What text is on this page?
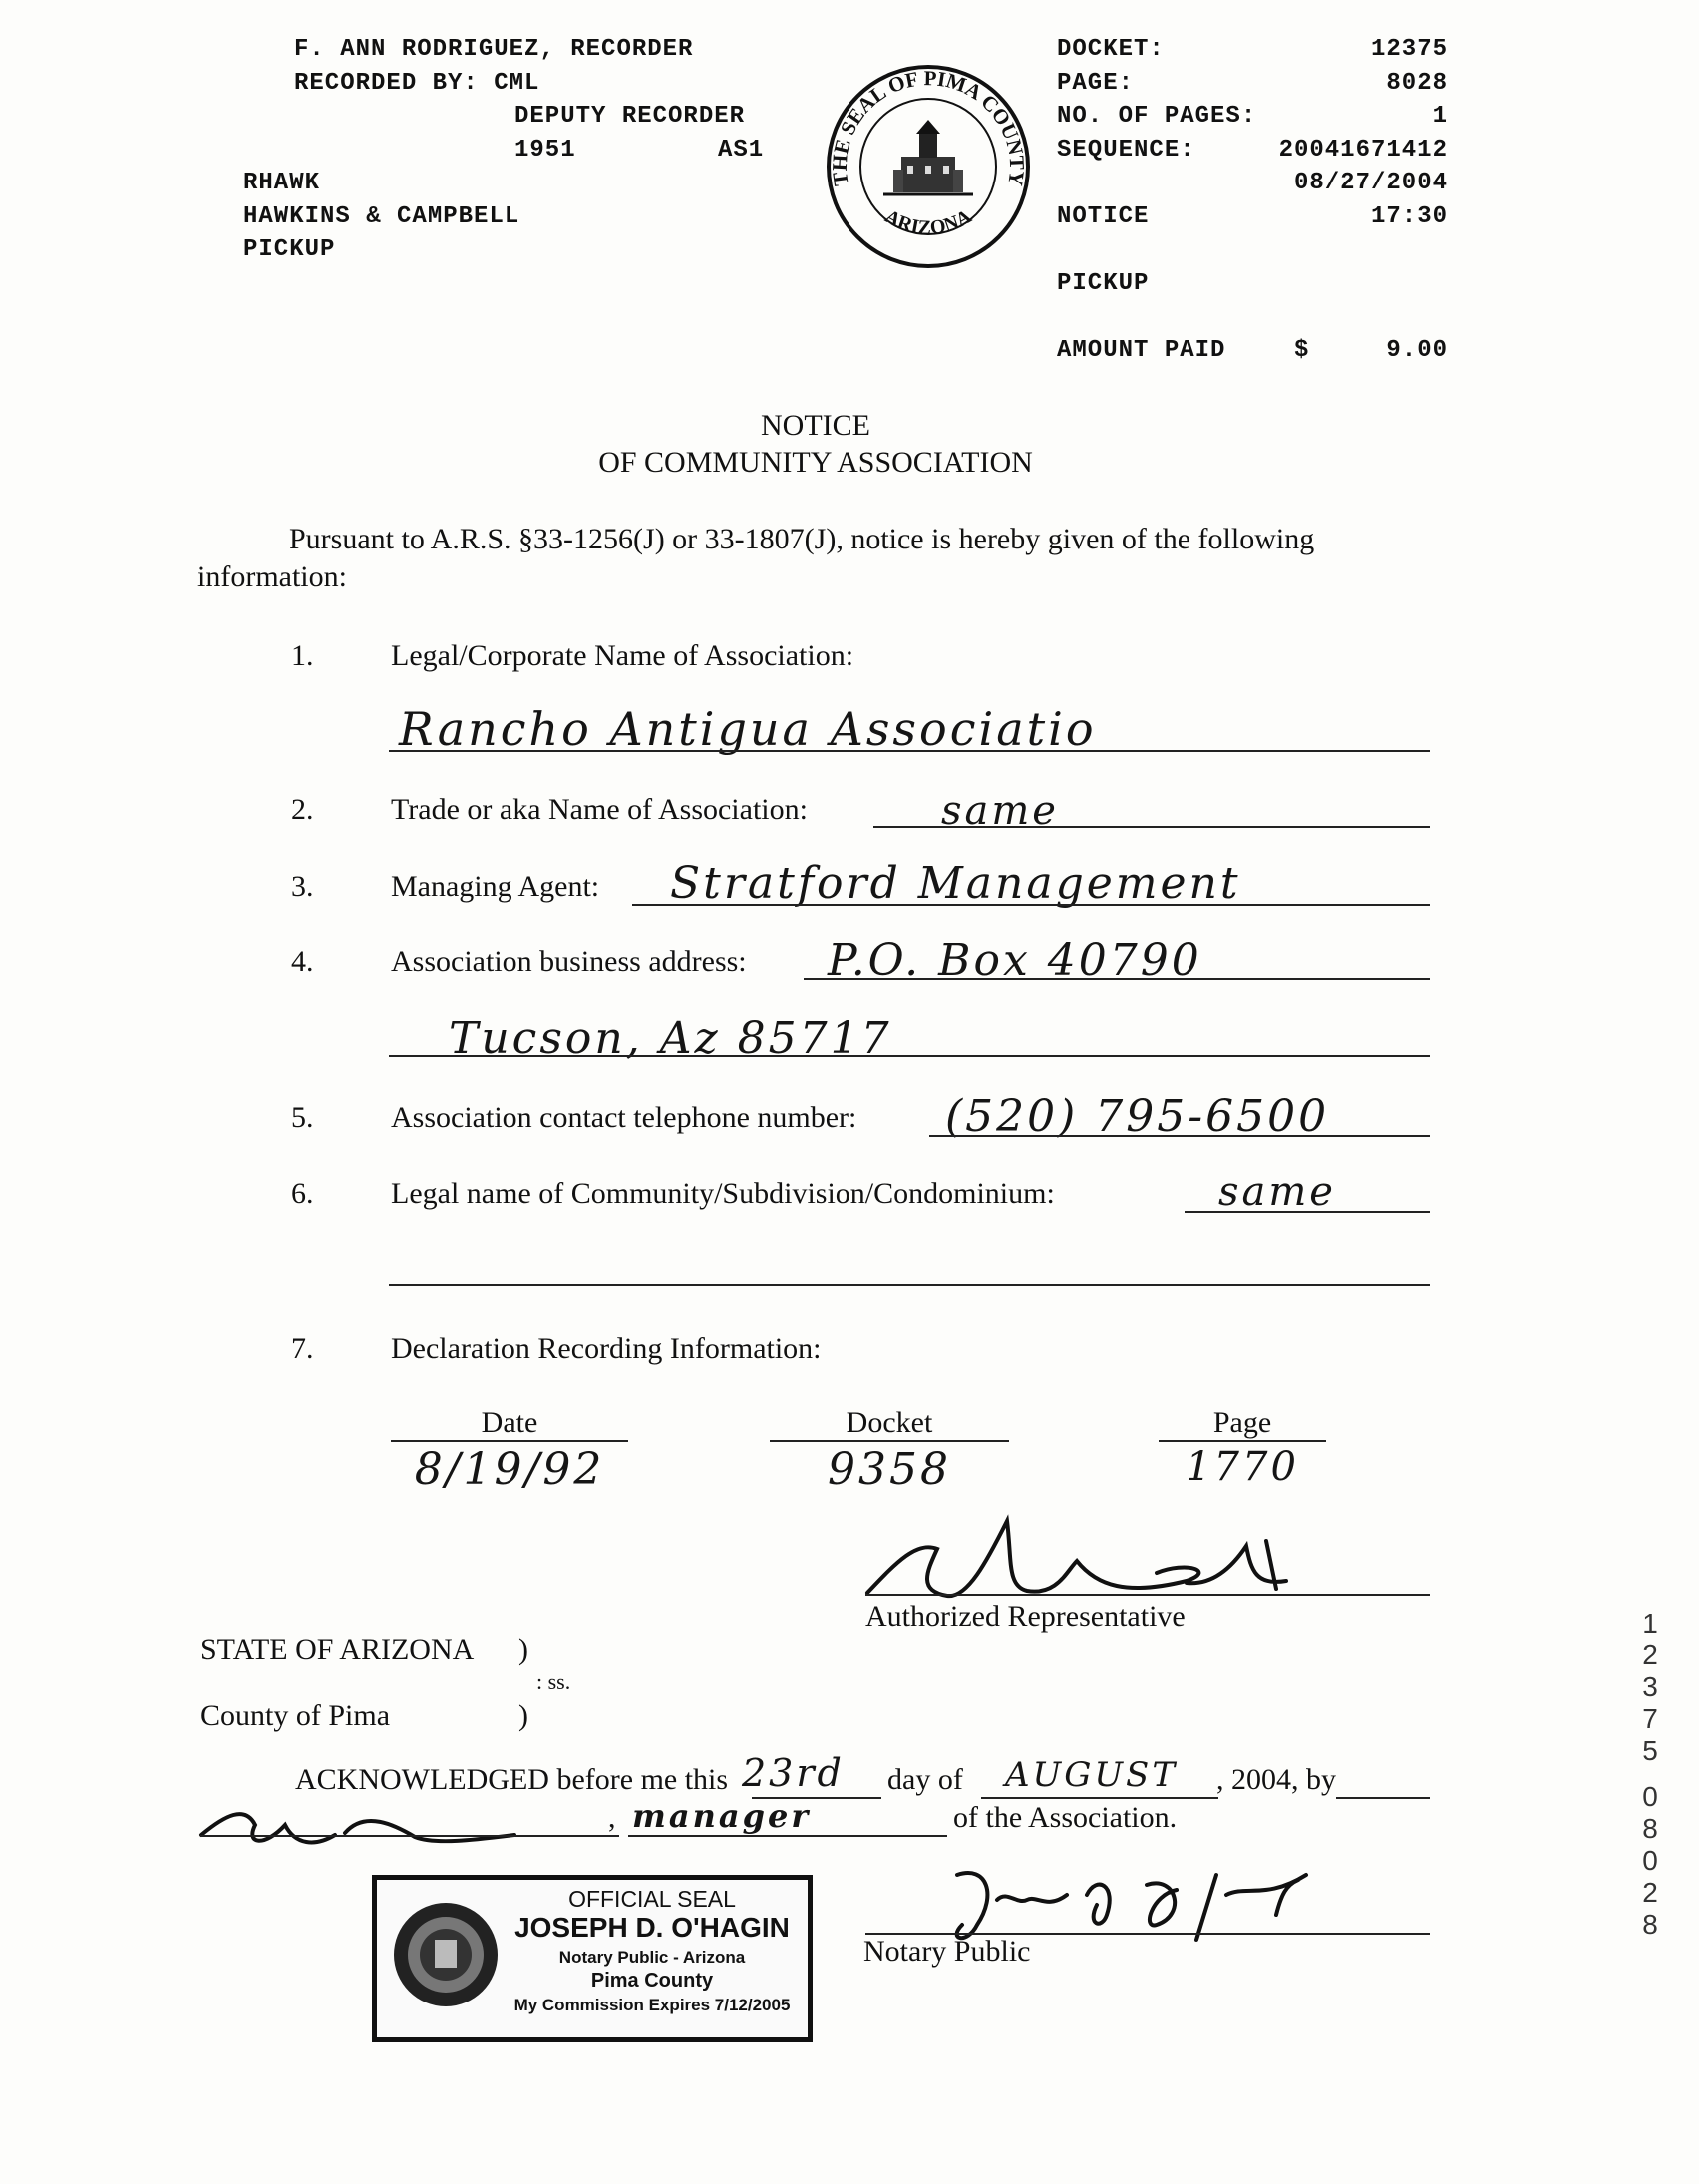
F. ANN RODRIGUEZ, RECORDER
RECORDED BY: CML
DEPUTY RECORDER
1951	AS1
RHAWK
HAWKINS & CAMPBELL
PICKUP
THE SEAL OF PIMA COUNTY
ARIZONA
DOCKET:	12375
PAGE:	8028
NO. OF PAGES:	1
SEQUENCE:	20041671412
08/27/2004
NOTICE	17:30
PICKUP
AMOUNT PAID	$	9.00
NOTICE
OF COMMUNITY ASSOCIATION
Pursuant to A.R.S. §33-1256(J) or 33-1807(J), notice is hereby given of the following
information:
1.	Legal/Corporate Name of Association:
Rancho Antigua Associatio
2.	Trade or aka Name of Association:	same
3.	Managing Agent: Stratford Management
4.	Association business address: P.O. Box 40790
Tucson, Az 85717
5.	Association contact telephone number: (520) 795-6500
6.	Legal name of Community/Subdivision/Condominium:	same
7.	Declaration Recording Information:
Date
8/19/92
Docket
9358
Page
1770
Authorized Representative
STATE OF ARIZONA )
: ss.
County of Pima	)
ACKNOWLEDGED before me this 23rd day of AUGUST , 2004, by
, manager	of the Association.
OFFICIAL SEAL
JOSEPH D. O'HAGIN
Notary Public - Arizona
Pima County
My Commission Expires 7/12/2005
Notary Public
1
2
3
7
5
0
8
0
2
8
